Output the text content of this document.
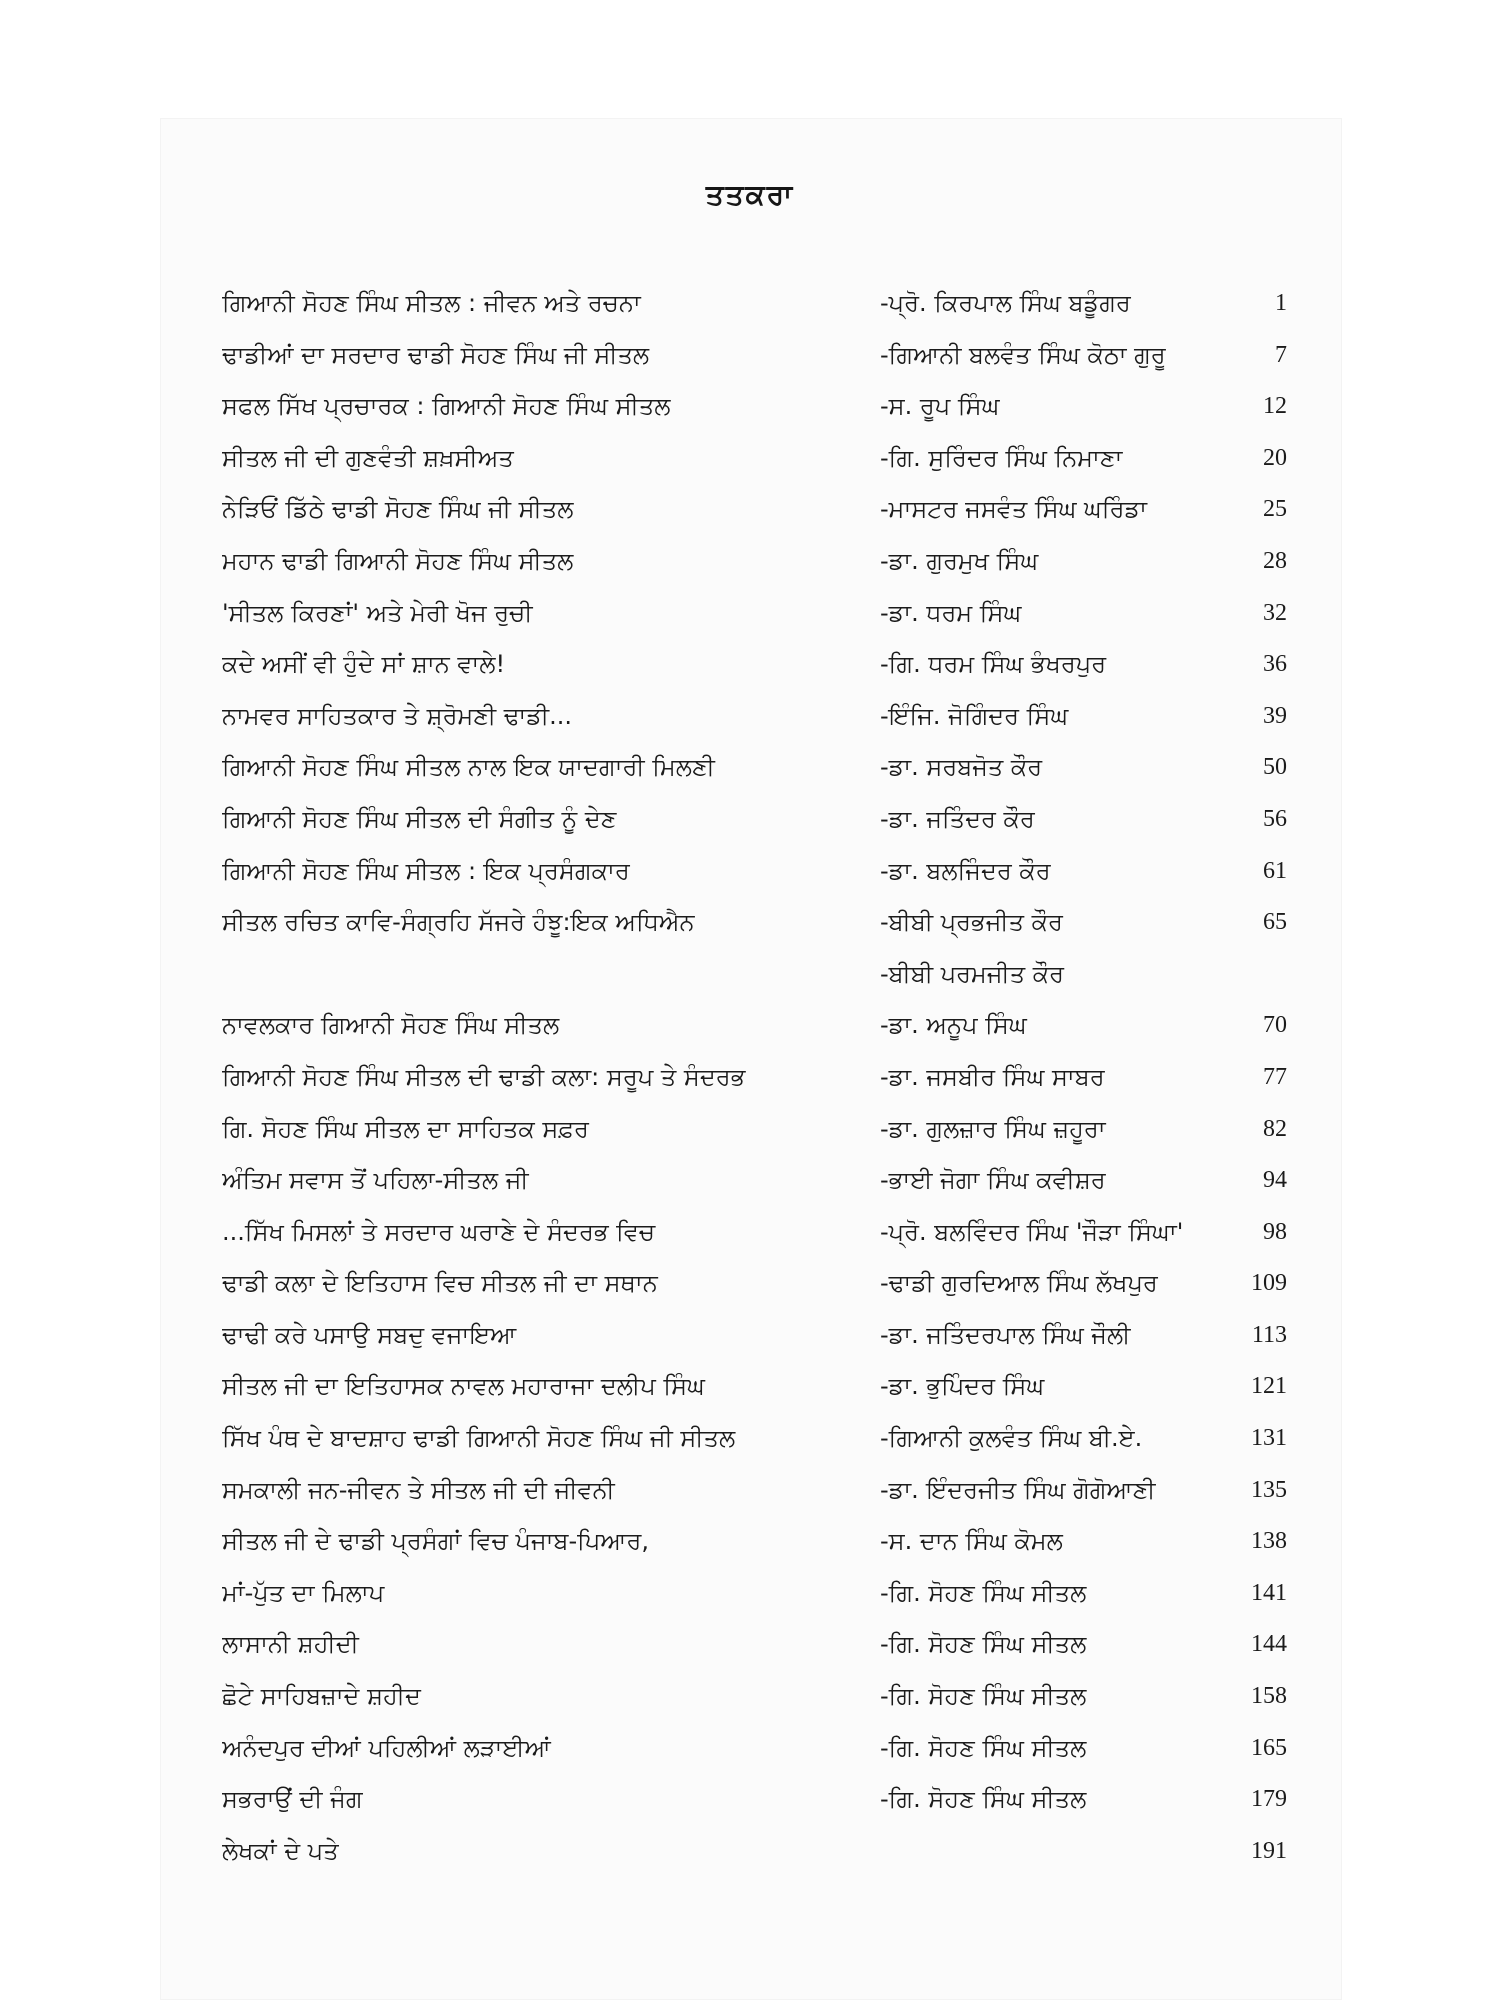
ਤਤਕਰਾ
ਗਿਆਨੀ ਸੋਹਣ ਸਿੰਘ ਸੀਤਲ : ਜੀਵਨ ਅਤੇ ਰਚਨਾ	-ਪ੍ਰੋ. ਕਿਰਪਾਲ ਸਿੰਘ ਬਡੂੰਗਰ	1
ਢਾਡੀਆਂ ਦਾ ਸਰਦਾਰ ਢਾਡੀ ਸੋਹਣ ਸਿੰਘ ਜੀ ਸੀਤਲ	-ਗਿਆਨੀ ਬਲਵੰਤ ਸਿੰਘ ਕੋਠਾ ਗੁਰੂ	7
ਸਫਲ ਸਿੱਖ ਪ੍ਰਚਾਰਕ : ਗਿਆਨੀ ਸੋਹਣ ਸਿੰਘ ਸੀਤਲ	-ਸ. ਰੂਪ ਸਿੰਘ	12
ਸੀਤਲ ਜੀ ਦੀ ਗੁਣਵੰਤੀ ਸ਼ਖ਼ਸੀਅਤ	-ਗਿ. ਸੁਰਿੰਦਰ ਸਿੰਘ ਨਿਮਾਣਾ	20
ਨੇੜਿਓਂ ਡਿੱਠੇ ਢਾਡੀ ਸੋਹਣ ਸਿੰਘ ਜੀ ਸੀਤਲ	-ਮਾਸਟਰ ਜਸਵੰਤ ਸਿੰਘ ਘਰਿੰਡਾ	25
ਮਹਾਨ ਢਾਡੀ ਗਿਆਨੀ ਸੋਹਣ ਸਿੰਘ ਸੀਤਲ	-ਡਾ. ਗੁਰਮੁਖ ਸਿੰਘ	28
'ਸੀਤਲ ਕਿਰਣਾਂ' ਅਤੇ ਮੇਰੀ ਖੋਜ ਰੁਚੀ	-ਡਾ. ਧਰਮ ਸਿੰਘ	32
ਕਦੇ ਅਸੀਂ ਵੀ ਹੁੰਦੇ ਸਾਂ ਸ਼ਾਨ ਵਾਲੇ!	-ਗਿ. ਧਰਮ ਸਿੰਘ ਭੰਖਰਪੁਰ	36
ਨਾਮਵਰ ਸਾਹਿਤਕਾਰ ਤੇ ਸ਼੍ਰੋਮਣੀ ਢਾਡੀ...	-ਇੰਜਿ. ਜੋਗਿੰਦਰ ਸਿੰਘ	39
ਗਿਆਨੀ ਸੋਹਣ ਸਿੰਘ ਸੀਤਲ ਨਾਲ ਇਕ ਯਾਦਗਾਰੀ ਮਿਲਣੀ	-ਡਾ. ਸਰਬਜੋਤ ਕੌਰ	50
ਗਿਆਨੀ ਸੋਹਣ ਸਿੰਘ ਸੀਤਲ ਦੀ ਸੰਗੀਤ ਨੂੰ ਦੇਣ	-ਡਾ. ਜਤਿੰਦਰ ਕੌਰ	56
ਗਿਆਨੀ ਸੋਹਣ ਸਿੰਘ ਸੀਤਲ : ਇਕ ਪ੍ਰਸੰਗਕਾਰ	-ਡਾ. ਬਲਜਿੰਦਰ ਕੌਰ	61
ਸੀਤਲ ਰਚਿਤ ਕਾਵਿ-ਸੰਗ੍ਰਹਿ ਸੱਜਰੇ ਹੰਝੂ:ਇਕ ਅਧਿਐਨ	-ਬੀਬੀ ਪ੍ਰਭਜੀਤ ਕੌਰ	65
-ਬੀਬੀ ਪਰਮਜੀਤ ਕੌਰ
ਨਾਵਲਕਾਰ ਗਿਆਨੀ ਸੋਹਣ ਸਿੰਘ ਸੀਤਲ	-ਡਾ. ਅਨੂਪ ਸਿੰਘ	70
ਗਿਆਨੀ ਸੋਹਣ ਸਿੰਘ ਸੀਤਲ ਦੀ ਢਾਡੀ ਕਲਾ: ਸਰੂਪ ਤੇ ਸੰਦਰਭ	-ਡਾ. ਜਸਬੀਰ ਸਿੰਘ ਸਾਬਰ	77
ਗਿ. ਸੋਹਣ ਸਿੰਘ ਸੀਤਲ ਦਾ ਸਾਹਿਤਕ ਸਫ਼ਰ	-ਡਾ. ਗੁਲਜ਼ਾਰ ਸਿੰਘ ਜ਼ਹੂਰਾ	82
ਅੰਤਿਮ ਸਵਾਸ ਤੋਂ ਪਹਿਲਾ-ਸੀਤਲ ਜੀ	-ਭਾਈ ਜੋਗਾ ਸਿੰਘ ਕਵੀਸ਼ਰ	94
...ਸਿੱਖ ਮਿਸਲਾਂ ਤੇ ਸਰਦਾਰ ਘਰਾਣੇ ਦੇ ਸੰਦਰਭ ਵਿਚ	-ਪ੍ਰੋ. ਬਲਵਿੰਦਰ ਸਿੰਘ 'ਜੌੜਾ ਸਿੰਘਾ'	98
ਢਾਡੀ ਕਲਾ ਦੇ ਇਤਿਹਾਸ ਵਿਚ ਸੀਤਲ ਜੀ ਦਾ ਸਥਾਨ	-ਢਾਡੀ ਗੁਰਦਿਆਲ ਸਿੰਘ ਲੱਖਪੁਰ	109
ਢਾਢੀ ਕਰੇ ਪਸਾਉ ਸਬਦੁ ਵਜਾਇਆ	-ਡਾ. ਜਤਿੰਦਰਪਾਲ ਸਿੰਘ ਜੌਲੀ	113
ਸੀਤਲ ਜੀ ਦਾ ਇਤਿਹਾਸਕ ਨਾਵਲ ਮਹਾਰਾਜਾ ਦਲੀਪ ਸਿੰਘ	-ਡਾ. ਭੁਪਿੰਦਰ ਸਿੰਘ	121
ਸਿੱਖ ਪੰਥ ਦੇ ਬਾਦਸ਼ਾਹ ਢਾਡੀ ਗਿਆਨੀ ਸੋਹਣ ਸਿੰਘ ਜੀ ਸੀਤਲ	-ਗਿਆਨੀ ਕੁਲਵੰਤ ਸਿੰਘ ਬੀ.ਏ.	131
ਸਮਕਾਲੀ ਜਨ-ਜੀਵਨ ਤੇ ਸੀਤਲ ਜੀ ਦੀ ਜੀਵਨੀ	-ਡਾ. ਇੰਦਰਜੀਤ ਸਿੰਘ ਗੋਗੋਆਣੀ	135
ਸੀਤਲ ਜੀ ਦੇ ਢਾਡੀ ਪ੍ਰਸੰਗਾਂ ਵਿਚ ਪੰਜਾਬ-ਪਿਆਰ,	-ਸ. ਦਾਨ ਸਿੰਘ ਕੋਮਲ	138
ਮਾਂ-ਪੁੱਤ ਦਾ ਮਿਲਾਪ	-ਗਿ. ਸੋਹਣ ਸਿੰਘ ਸੀਤਲ	141
ਲਾਸਾਨੀ ਸ਼ਹੀਦੀ	-ਗਿ. ਸੋਹਣ ਸਿੰਘ ਸੀਤਲ	144
ਛੋਟੇ ਸਾਹਿਬਜ਼ਾਦੇ ਸ਼ਹੀਦ	-ਗਿ. ਸੋਹਣ ਸਿੰਘ ਸੀਤਲ	158
ਅਨੰਦਪੁਰ ਦੀਆਂ ਪਹਿਲੀਆਂ ਲੜਾਈਆਂ	-ਗਿ. ਸੋਹਣ ਸਿੰਘ ਸੀਤਲ	165
ਸਭਰਾਉਂ ਦੀ ਜੰਗ	-ਗਿ. ਸੋਹਣ ਸਿੰਘ ਸੀਤਲ	179
ਲੇਖਕਾਂ ਦੇ ਪਤੇ	191
